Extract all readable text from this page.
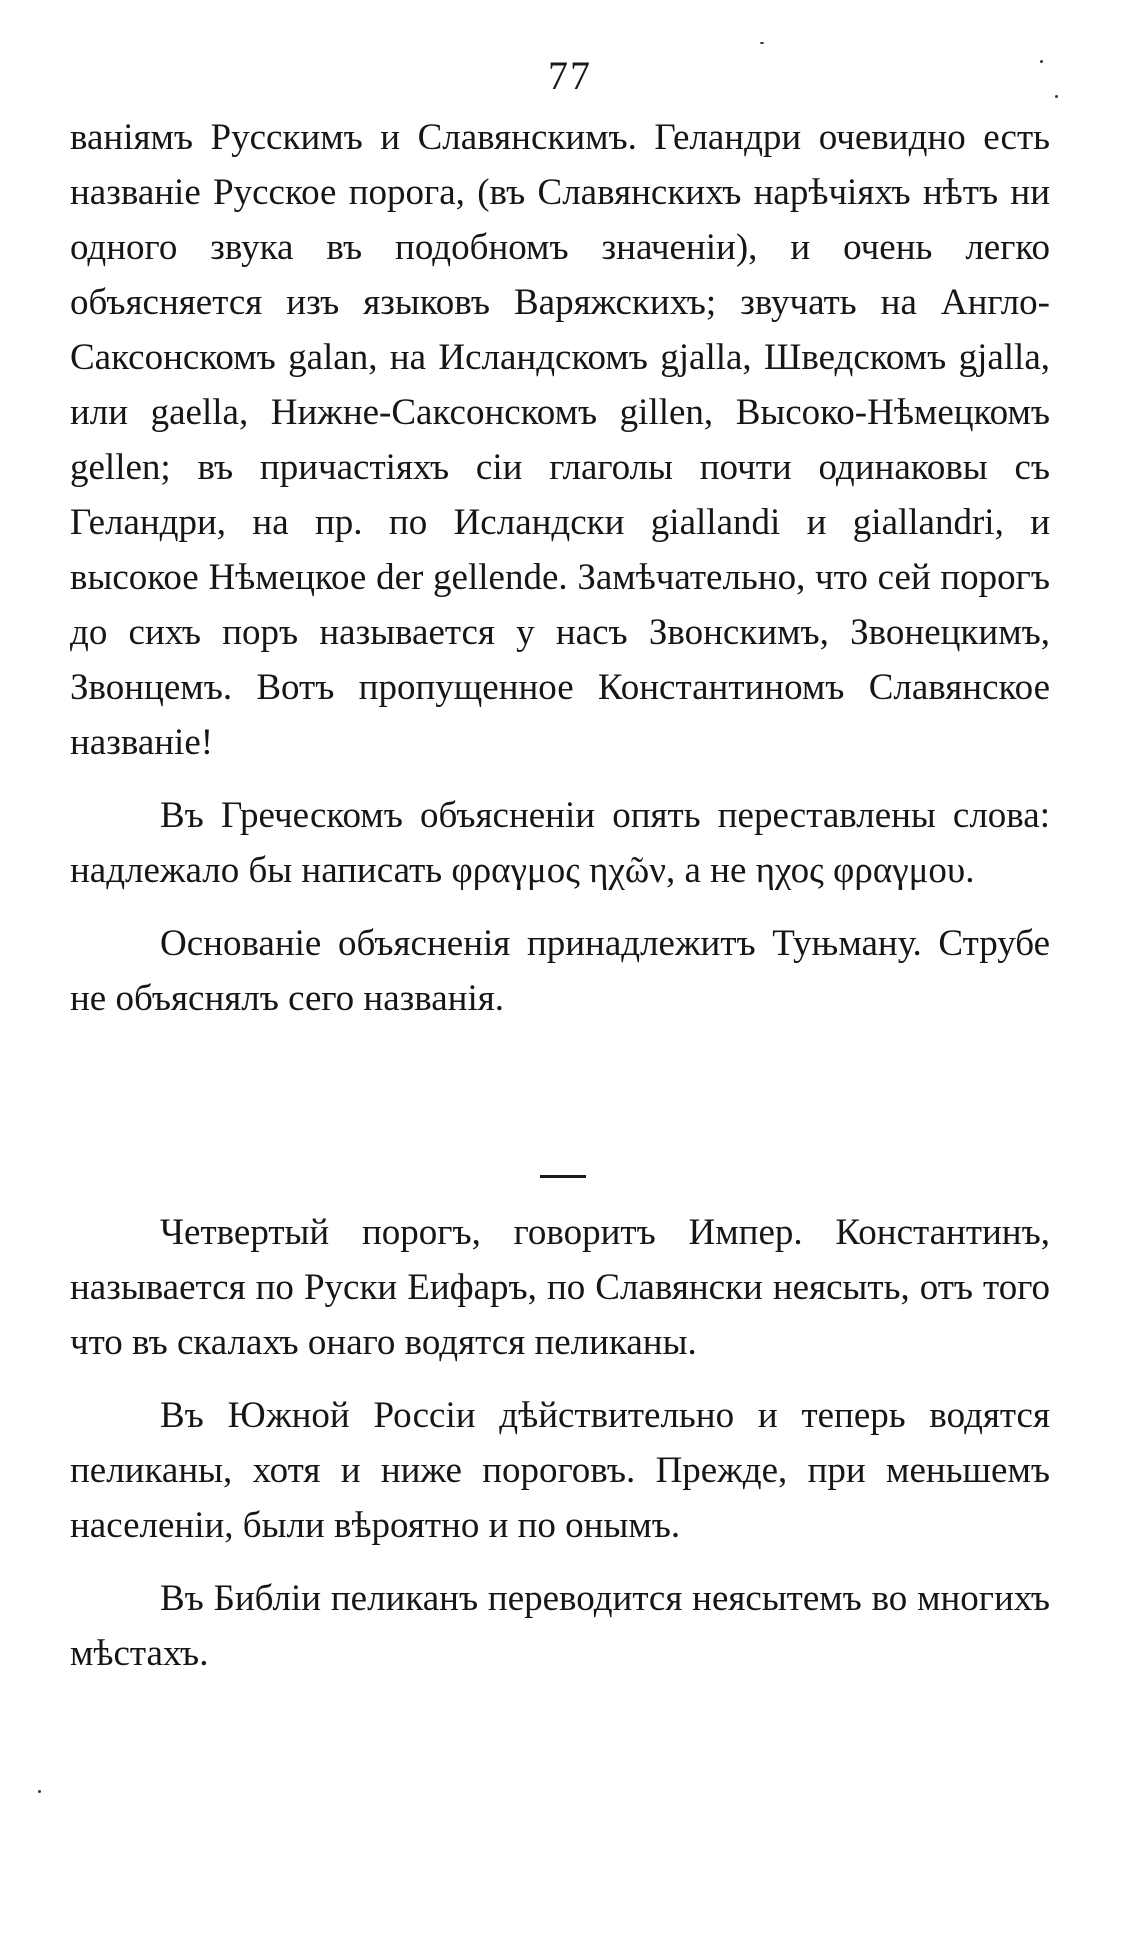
77

ваніямъ Русскимъ и Славянскимъ. Геландри очевидно есть названіе Русское порога, (въ Славянскихъ нарѣчіяхъ нѣтъ ни одного звука въ подобномъ значеніи), и очень легко объясняется изъ языковъ Варяжскихъ; звучать на Англо-Саксонскомъ galan, на Исландскомъ gjalla, Шведскомъ gjalla, или gaella, Нижне-Саксонскомъ gillen, Высоко-Нѣмецкомъ gellen; въ причастіяхъ сіи глаголы почти одинаковы съ Геландри, на пр. по Исландски giallandi и giallandri, и высокое Нѣмецкое der gellende. Замѣчательно, что сей порогъ до сихъ поръ называется у насъ Звонскимъ, Звонецкимъ, Звонцемъ. Вотъ пропущенное Константиномъ Славянское названіе!

Въ Греческомъ объясненіи опять переставлены слова: надлежало бы написать φραγμος ηχῶν, а не ηχος φραγμου.

Основаніе объясненія принадлежитъ Туњману. Струбе не объяснялъ сего названія.

Четвертый порогъ, говоритъ Импер. Константинъ, называется по Руски Еифаръ, по Славянски неясыть, отъ того что въ скалахъ онаго водятся пеликаны.

Въ Южной Россіи дѣйствительно и теперь водятся пеликаны, хотя и ниже пороговъ. Прежде, при меньшемъ населеніи, были вѣроятно и по онымъ.

Въ Библіи пеликанъ переводится неясытемъ во многихъ мѣстахъ.
